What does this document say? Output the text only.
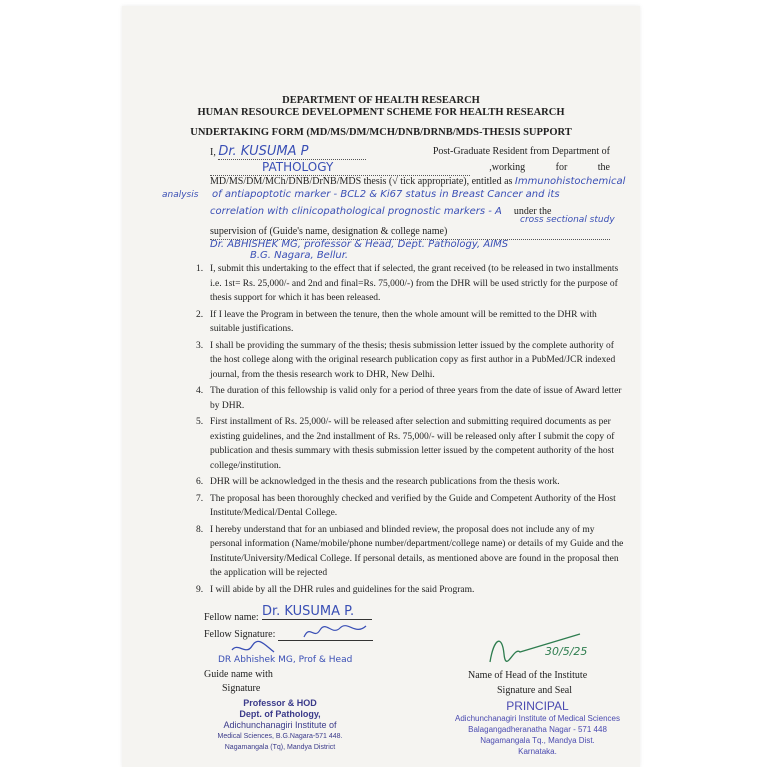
DEPARTMENT OF HEALTH RESEARCH
HUMAN RESOURCE DEVELOPMENT SCHEME FOR HEALTH RESEARCH
UNDERTAKING FORM (MD/MS/DM/MCH/DNB/DRNB/MDS-THESIS SUPPORT
I, Dr. KUSUMA P	Post-Graduate Resident from Department of
PATHOLOGY	,working for the
MD/MS/DM/MCh/DNB/DrNB/MDS thesis (√ tick appropriate), entitled as Immunohistochemical
analysis of antiapoptotic marker - BCL2 & Ki67 status in Breast Cancer and its
correlation with clinicopathological prognostic markers - A under the
cross sectional study
supervision of (Guide's name, designation & college name)
Dr. ABHISHEK MG, professor & Head, Dept. Pathology, AIMS
B.G. Nagara, Bellur.
1. I, submit this undertaking to the effect that if selected, the grant received (to be released in two installments i.e. 1st= Rs. 25,000/- and 2nd and final=Rs. 75,000/-) from the DHR will be used strictly for the purpose of thesis support for which it has been released.
2. If I leave the Program in between the tenure, then the whole amount will be remitted to the DHR with suitable justifications.
3. I shall be providing the summary of the thesis; thesis submission letter issued by the complete authority of the host college along with the original research publication copy as first author in a PubMed/JCR indexed journal, from the thesis research work to DHR, New Delhi.
4. The duration of this fellowship is valid only for a period of three years from the date of issue of Award letter by DHR.
5. First installment of Rs. 25,000/- will be released after selection and submitting required documents as per existing guidelines, and the 2nd installment of Rs. 75,000/- will be released only after I submit the copy of publication and thesis summary with thesis submission letter issued by the competent authority of the host college/institution.
6. DHR will be acknowledged in the thesis and the research publications from the thesis work.
7. The proposal has been thoroughly checked and verified by the Guide and Competent Authority of the Host Institute/Medical/Dental College.
8. I hereby understand that for an unbiased and blinded review, the proposal does not include any of my personal information (Name/mobile/phone number/department/college name) or details of my Guide and the Institute/University/Medical College. If personal details, as mentioned above are found in the proposal then the application will be rejected
9. I will abide by all the DHR rules and guidelines for the said Program.
Fellow name: Dr. KUSUMA P.
Fellow Signature:
DR Abhishek MG, Prof & Head
Guide name with
Signature
Professor & HOD
Dept. of Pathology,
Adichunchanagiri Institute of
Medical Sciences, B.G.Nagara-571 448.
Nagamangala (Tq), Mandya District
30/5/25
Name of Head of the Institute
Signature and Seal
PRINCIPAL
Adichunchanagiri Institute of Medical Sciences
Balagangadheranatha Nagar - 571 448
Nagamangala Tq., Mandya Dist.
Karnataka.
